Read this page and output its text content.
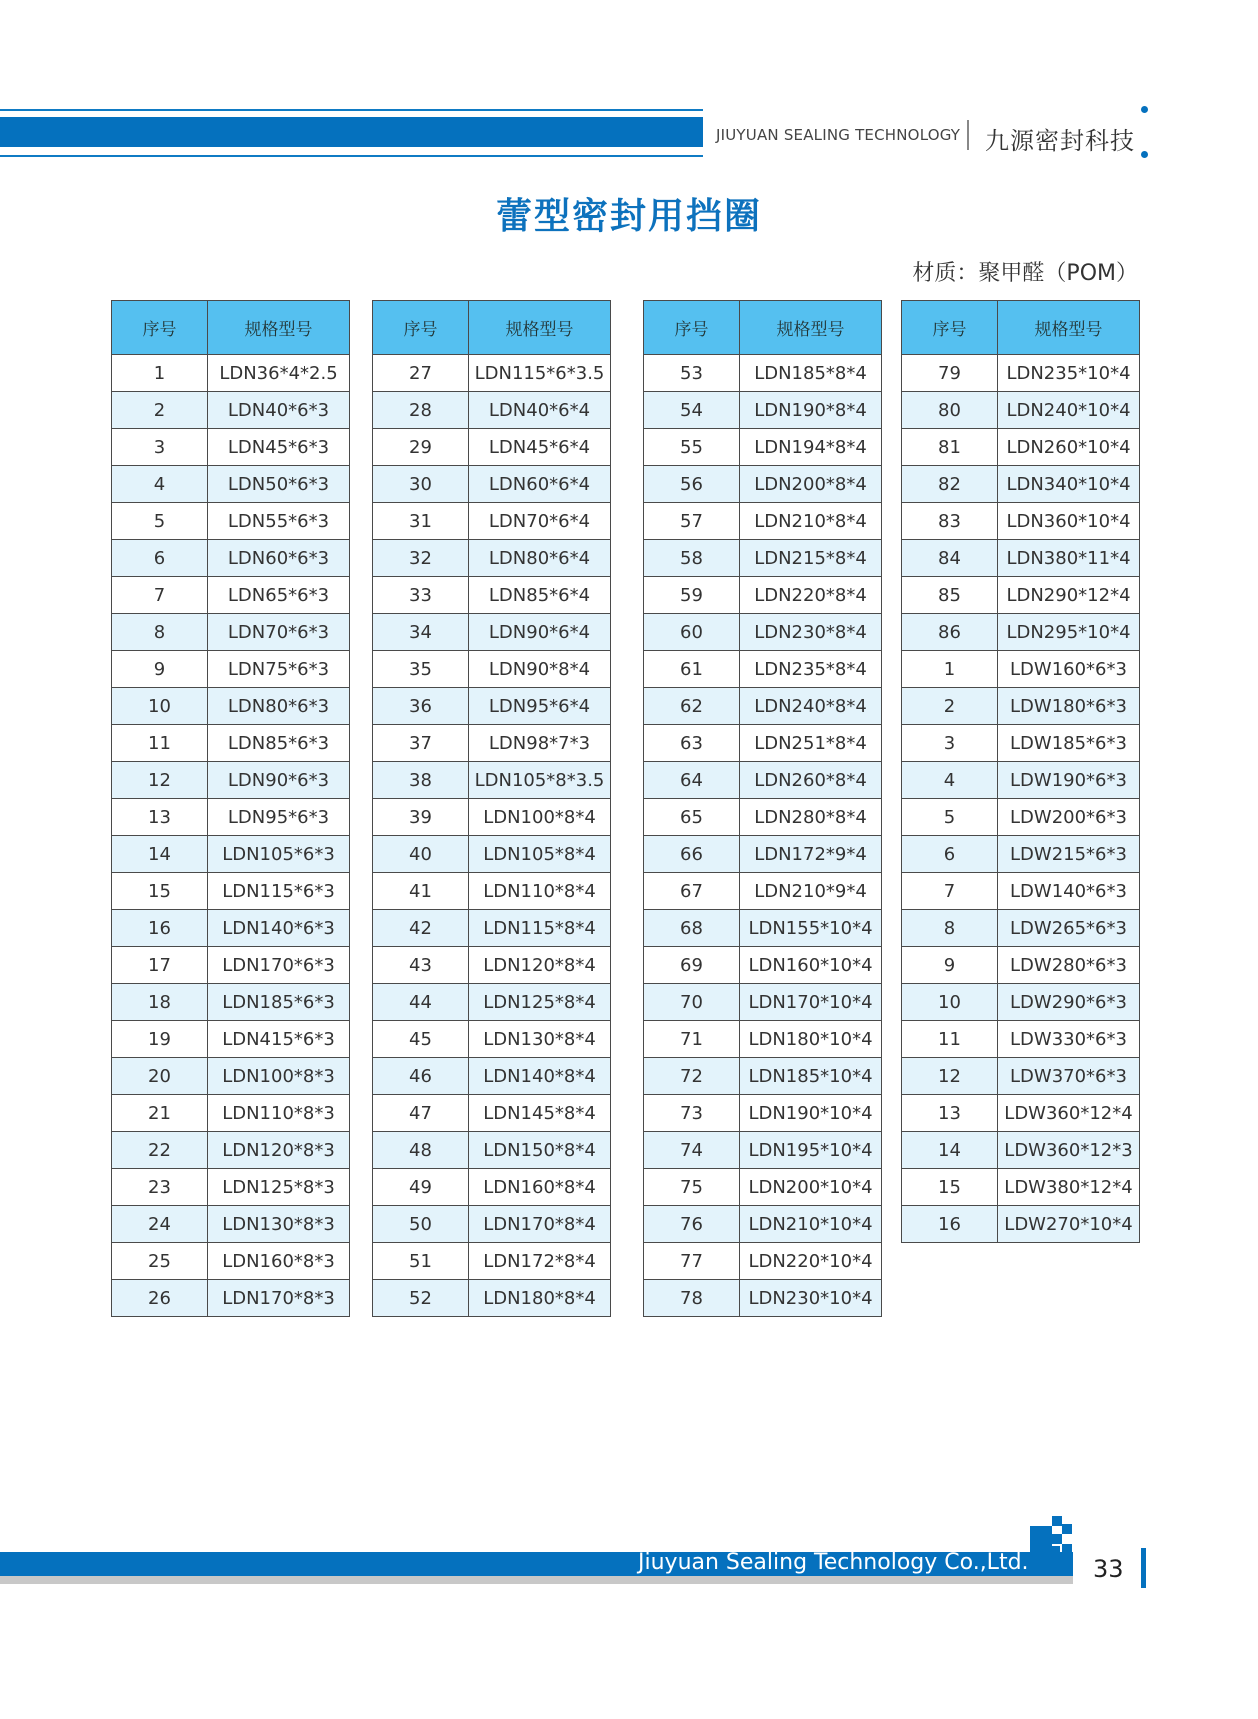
JIUYUAN SEALING TECHNOLOGY 九源密封科技
蕾型密封用挡圈
材质：聚甲醛（POM）
序号	规格型号
1	LDN36*4*2.5
2	LDN40*6*3
3	LDN45*6*3
4	LDN50*6*3
5	LDN55*6*3
6	LDN60*6*3
7	LDN65*6*3
8	LDN70*6*3
9	LDN75*6*3
10	LDN80*6*3
11	LDN85*6*3
12	LDN90*6*3
13	LDN95*6*3
14	LDN105*6*3
15	LDN115*6*3
16	LDN140*6*3
17	LDN170*6*3
18	LDN185*6*3
19	LDN415*6*3
20	LDN100*8*3
21	LDN110*8*3
22	LDN120*8*3
23	LDN125*8*3
24	LDN130*8*3
25	LDN160*8*3
26	LDN170*8*3
序号	规格型号
27	LDN115*6*3.5
28	LDN40*6*4
29	LDN45*6*4
30	LDN60*6*4
31	LDN70*6*4
32	LDN80*6*4
33	LDN85*6*4
34	LDN90*6*4
35	LDN90*8*4
36	LDN95*6*4
37	LDN98*7*3
38	LDN105*8*3.5
39	LDN100*8*4
40	LDN105*8*4
41	LDN110*8*4
42	LDN115*8*4
43	LDN120*8*4
44	LDN125*8*4
45	LDN130*8*4
46	LDN140*8*4
47	LDN145*8*4
48	LDN150*8*4
49	LDN160*8*4
50	LDN170*8*4
51	LDN172*8*4
52	LDN180*8*4
序号	规格型号
53	LDN185*8*4
54	LDN190*8*4
55	LDN194*8*4
56	LDN200*8*4
57	LDN210*8*4
58	LDN215*8*4
59	LDN220*8*4
60	LDN230*8*4
61	LDN235*8*4
62	LDN240*8*4
63	LDN251*8*4
64	LDN260*8*4
65	LDN280*8*4
66	LDN172*9*4
67	LDN210*9*4
68	LDN155*10*4
69	LDN160*10*4
70	LDN170*10*4
71	LDN180*10*4
72	LDN185*10*4
73	LDN190*10*4
74	LDN195*10*4
75	LDN200*10*4
76	LDN210*10*4
77	LDN220*10*4
78	LDN230*10*4
序号	规格型号
79	LDN235*10*4
80	LDN240*10*4
81	LDN260*10*4
82	LDN340*10*4
83	LDN360*10*4
84	LDN380*11*4
85	LDN290*12*4
86	LDN295*10*4
1	LDW160*6*3
2	LDW180*6*3
3	LDW185*6*3
4	LDW190*6*3
5	LDW200*6*3
6	LDW215*6*3
7	LDW140*6*3
8	LDW265*6*3
9	LDW280*6*3
10	LDW290*6*3
11	LDW330*6*3
12	LDW370*6*3
13	LDW360*12*4
14	LDW360*12*3
15	LDW380*12*4
16	LDW270*10*4
Jiuyuan Sealing Technology Co.,Ltd.	33
